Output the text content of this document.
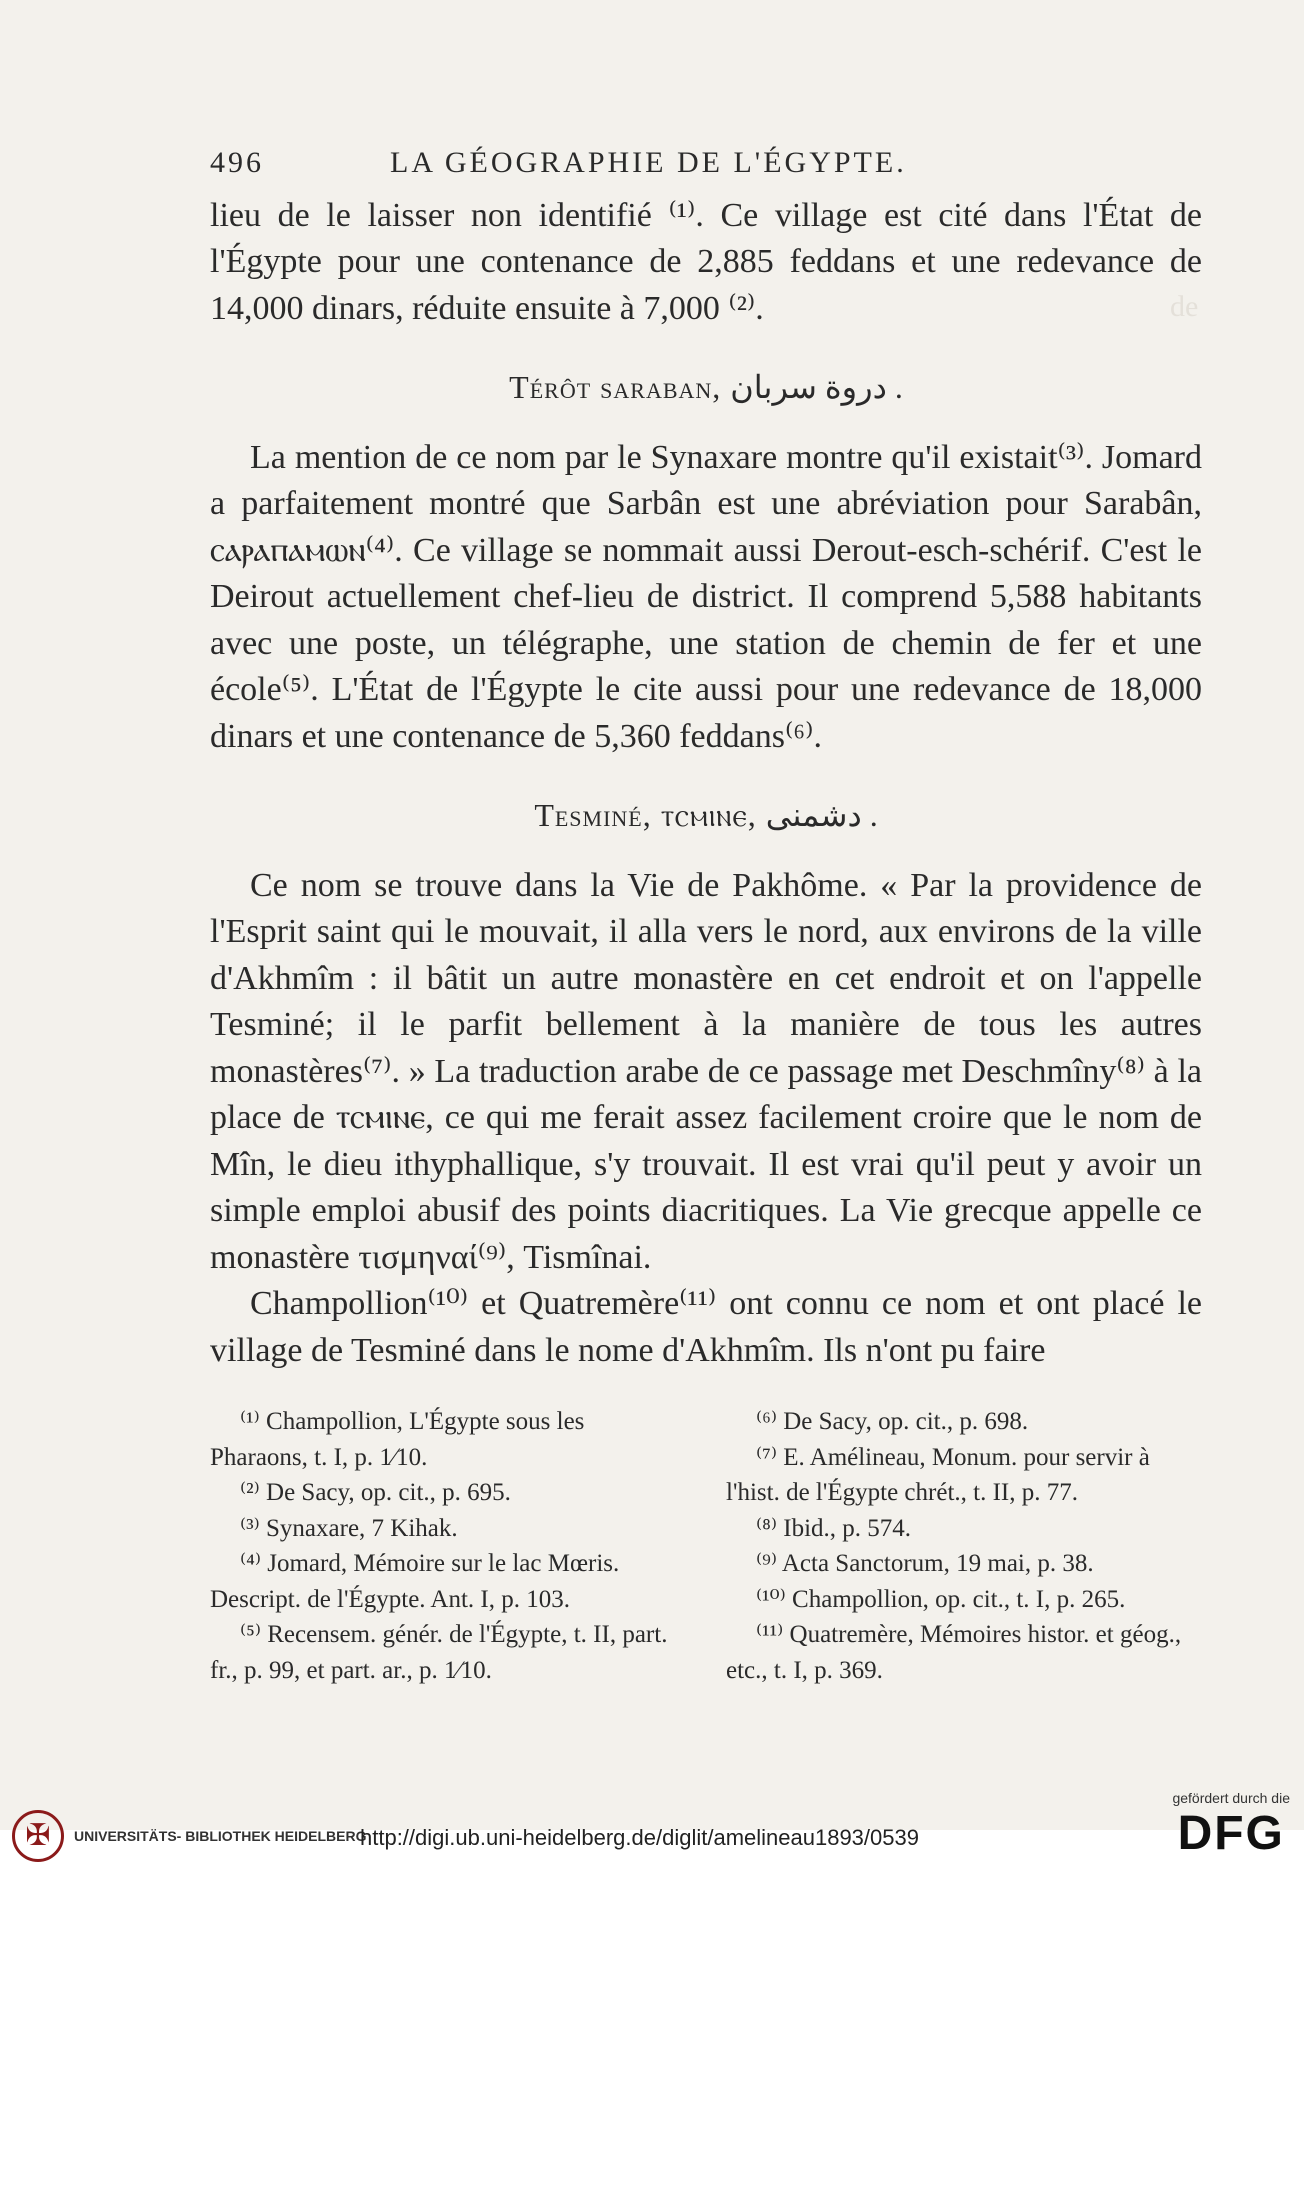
de
496	LA GÉOGRAPHIE DE L'ÉGYPTE.

lieu de le laisser non identifié ⁽¹⁾. Ce village est cité dans l'État de l'Égypte pour une contenance de 2,885 feddans et une redevance de 14,000 dinars, réduite ensuite à 7,000 ⁽²⁾.

Térôt saraban, دروة سربان .

La mention de ce nom par le Synaxare montre qu'il existait⁽³⁾. Jomard a parfaitement montré que Sarbân est une abréviation pour Sarabân, ⲥⲁⲣⲁⲡⲁⲙⲱⲛ⁽⁴⁾. Ce village se nommait aussi Derout-esch-schérif. C'est le Deirout actuellement chef-lieu de district. Il comprend 5,588 habitants avec une poste, un télégraphe, une station de chemin de fer et une école⁽⁵⁾. L'État de l'Égypte le cite aussi pour une redevance de 18,000 dinars et une contenance de 5,360 feddans⁽⁶⁾.

Tesminé, ⲧⲥⲙⲓⲛⲉ, دشمنى .

Ce nom se trouve dans la Vie de Pakhôme. « Par la providence de l'Esprit saint qui le mouvait, il alla vers le nord, aux environs de la ville d'Akhmîm : il bâtit un autre monastère en cet endroit et on l'appelle Tesminé; il le parfit bellement à la manière de tous les autres monastères⁽⁷⁾. » La traduction arabe de ce passage met Deschmîny⁽⁸⁾ à la place de ⲧⲥⲙⲓⲛⲉ, ce qui me ferait assez facilement croire que le nom de Mîn, le dieu ithyphallique, s'y trouvait. Il est vrai qu'il peut y avoir un simple emploi abusif des points diacritiques. La Vie grecque appelle ce monastère τισμηναί⁽⁹⁾, Tismînai.

Champollion⁽¹⁰⁾ et Quatremère⁽¹¹⁾ ont connu ce nom et ont placé le village de Tesminé dans le nome d'Akhmîm. Ils n'ont pu faire

⁽¹⁾ Champollion, L'Égypte sous les Pharaons, t. I, p. 1⁄10.
⁽²⁾ De Sacy, op. cit., p. 695.
⁽³⁾ Synaxare, 7 Kihak.
⁽⁴⁾ Jomard, Mémoire sur le lac Mœris. Descript. de l'Égypte. Ant. I, p. 103.
⁽⁵⁾ Recensem. génér. de l'Égypte, t. II, part. fr., p. 99, et part. ar., p. 1⁄10.
⁽⁶⁾ De Sacy, op. cit., p. 698.
⁽⁷⁾ E. Amélineau, Monum. pour servir à l'hist. de l'Égypte chrét., t. II, p. 77.
⁽⁸⁾ Ibid., p. 574.
⁽⁹⁾ Acta Sanctorum, 19 mai, p. 38.
⁽¹⁰⁾ Champollion, op. cit., t. I, p. 265.
⁽¹¹⁾ Quatremère, Mémoires histor. et géog., etc., t. I, p. 369.
✠	UNIVERSITÄTS- BIBLIOTHEK HEIDELBERG
http://digi.ub.uni-heidelberg.de/diglit/amelineau1893/0539
gefördert durch die
DFG
